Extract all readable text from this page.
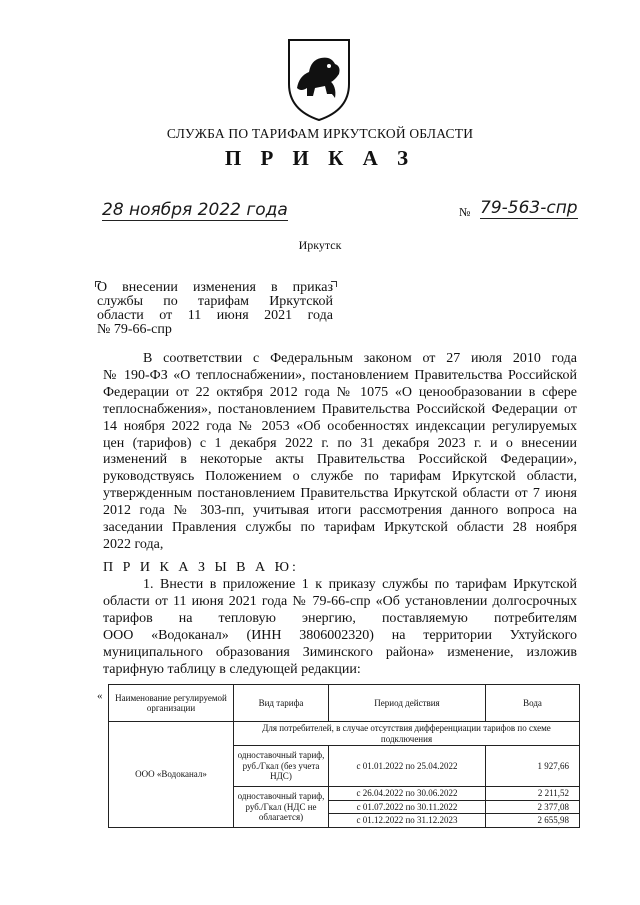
СЛУЖБА ПО ТАРИФАМ ИРКУТСКОЙ ОБЛАСТИ
П Р И К А З
28 ноября 2022 года	№ 79-563-спр
Иркутск
О внесении изменения в приказ
службы по тарифам Иркутской
области от 11 июня 2021 года
№ 79-66-спр
В соответствии с Федеральным законом от 27 июля 2010 года
№ 190-ФЗ «О теплоснабжении», постановлением Правительства Российской
Федерации от 22 октября 2012 года № 1075 «О ценообразовании в сфере
теплоснабжения», постановлением Правительства Российской Федерации от
14 ноября 2022 года № 2053 «Об особенностях индексации регулируемых
цен (тарифов) с 1 декабря 2022 г. по 31 декабря 2023 г. и о внесении
изменений в некоторые акты Правительства Российской Федерации»,
руководствуясь Положением о службе по тарифам Иркутской области,
утвержденным постановлением Правительства Иркутской области от 7 июня
2012 года № 303-пп, учитывая итоги рассмотрения данного вопроса на
заседании Правления службы по тарифам Иркутской области 28 ноября
2022 года,
П Р И К А З Ы В А Ю:
1. Внести в приложение 1 к приказу службы по тарифам Иркутской
области от 11 июня 2021 года № 79-66-спр «Об установлении долгосрочных
тарифов на тепловую энергию, поставляемую потребителям
ООО «Водоканал» (ИНН 3806002320) на территории Ухтуйского
муниципального образования Зиминского района» изменение, изложив
тарифную таблицу в следующей редакции:
« Наименование регулируемой организации	Вид тарифа	Период действия	Вода
ООО «Водоканал»	Для потребителей, в случае отсутствия дифференциации тарифов по схеме подключения		
	одноставочный тариф, руб./Гкал (без учета НДС)	с 01.01.2022 по 25.04.2022	1 927,66
	одноставочный тариф, руб./Гкал (НДС не облагается)	с 26.04.2022 по 30.06.2022	2 211,52
		с 01.07.2022 по 30.11.2022	2 377,08
		с 01.12.2022 по 31.12.2023	2 655,98
